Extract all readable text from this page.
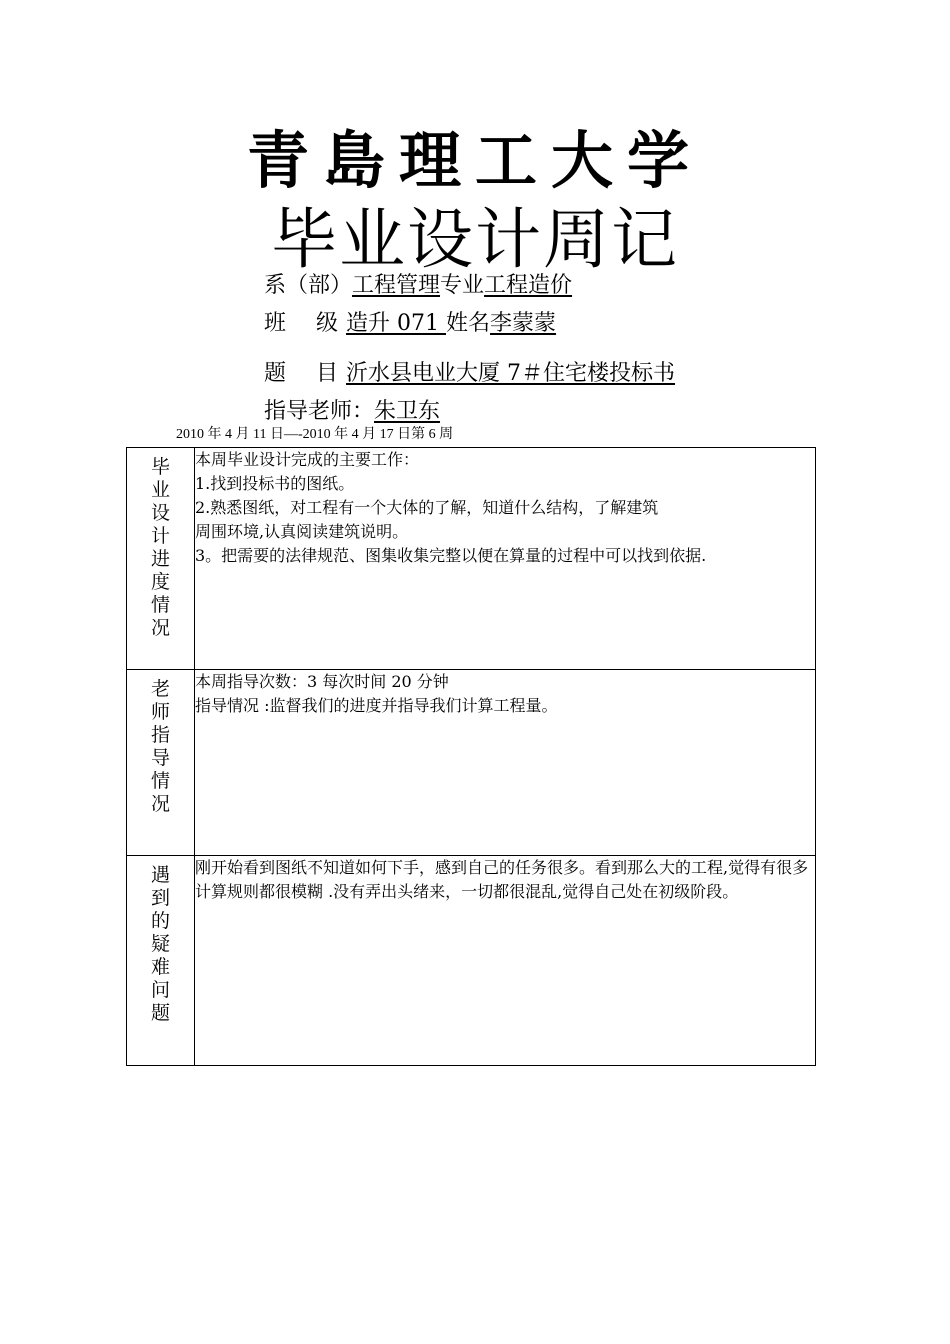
青島理工大学
毕业设计周记
系（部）工程管理专业工程造价
班 级 造升 071 姓名李蒙蒙
题 目 沂水县电业大厦 7＃住宅楼投标书
指导老师：朱卫东
2010 年 4 月 11 日—-2010 年 4 月 17 日第 6 周
毕业设计进度情况	本周毕业设计完成的主要工作：

1.找到投标书的图纸。

2.熟悉图纸，对工程有一个大体的了解，知道什么结构，了解建筑

周围环境,认真阅读建筑说明。

3。把需要的法律规范、图集收集完整以便在算量的过程中可以找到依据.

老师指导情况	本周指导次数：3 每次时间 20 分钟

指导情况 :监督我们的进度并指导我们计算工程量。

遇到的疑难问题	刚开始看到图纸不知道如何下手，感到自己的任务很多。看到那么大的工程,觉得有很多计算规则都很模糊 .没有弄出头绪来，一切都很混乱,觉得自己处在初级阶段。
